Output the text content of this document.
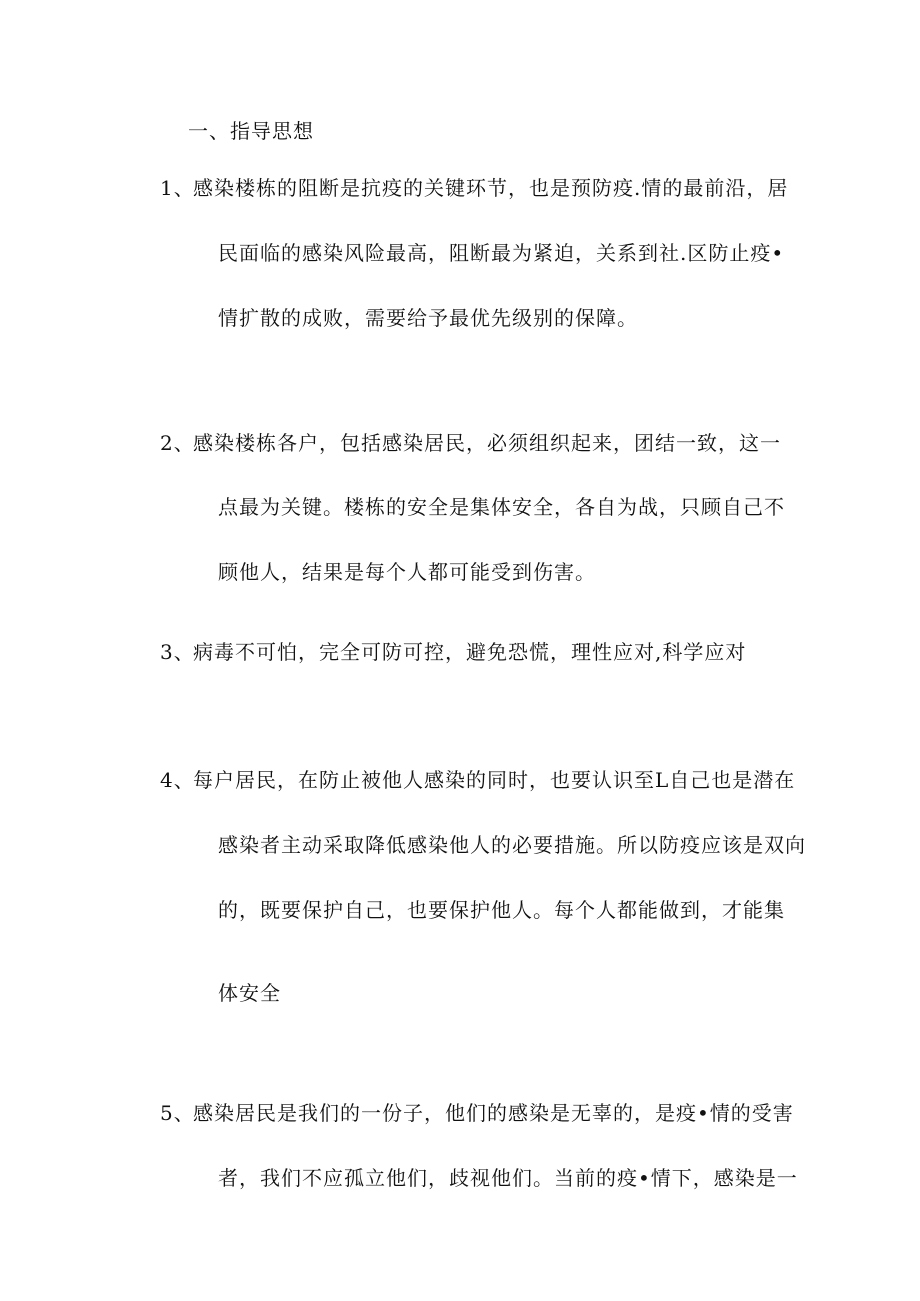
一、指导思想
1、
感染楼栋的阻断是抗疫的关键环节，也是预防疫.情的最前沿，居
民面临的感染风险最高，阻断最为紧迫，关系到社.区防止疫•
情扩散的成败，需要给予最优先级别的保障。
2、
感染楼栋各户，包括感染居民，必须组织起来，团结一致，这一
点最为关键。楼栋的安全是集体安全，各自为战，只顾自己不
顾他人，结果是每个人都可能受到伤害。
3、
病毒不可怕，完全可防可控，避免恐慌，理性应对,科学应对
4、
每户居民，在防止被他人感染的同时，也要认识至L自己也是潜在
感染者主动采取降低感染他人的必要措施。所以防疫应该是双向
的，既要保护自己，也要保护他人。每个人都能做到，才能集
体安全
5、
感染居民是我们的一份子，他们的感染是无辜的，是疫•情的受害
者，我们不应孤立他们，歧视他们。当前的疫•情下，感染是一
